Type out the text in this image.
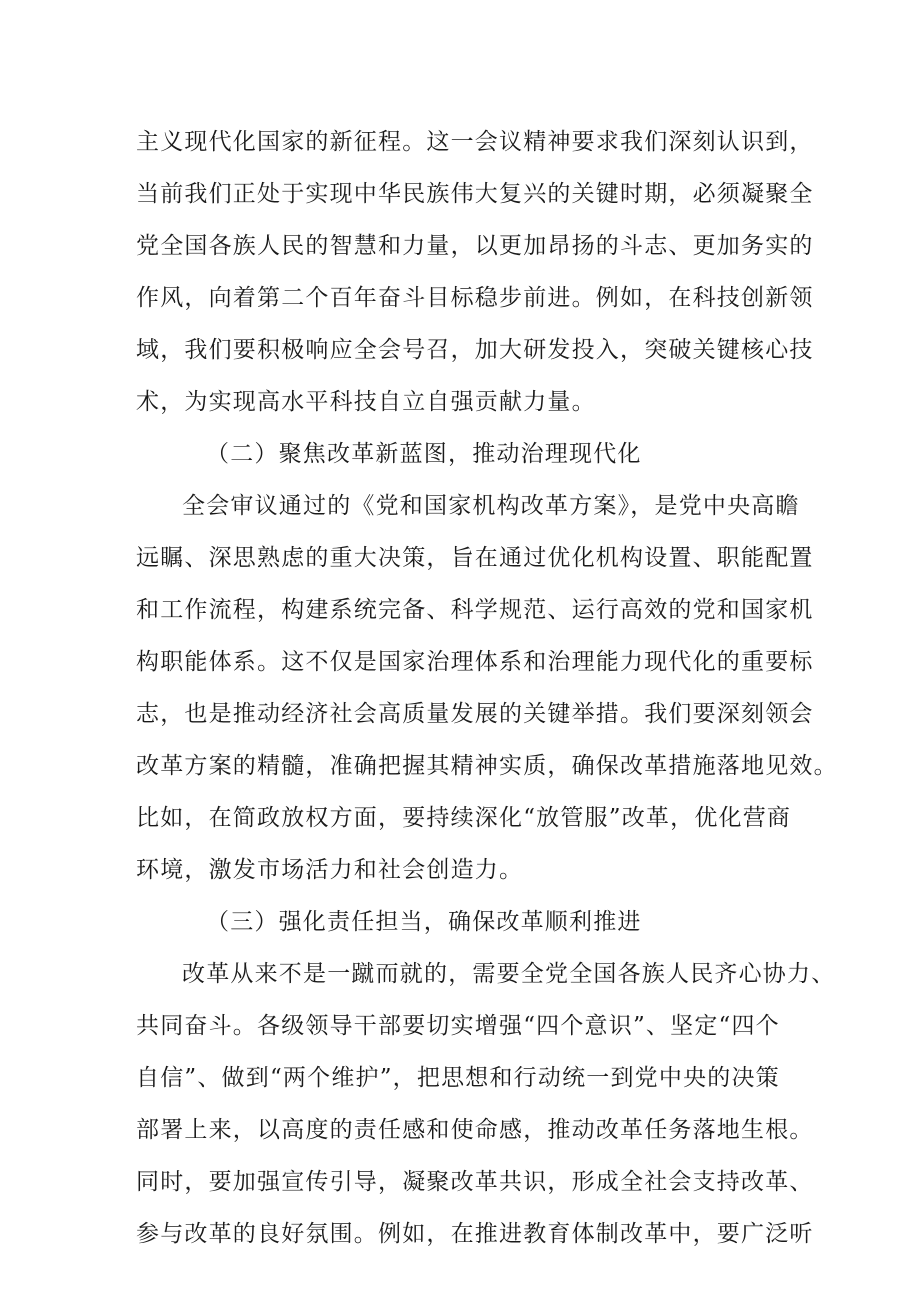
主义现代化国家的新征程。这一会议精神要求我们深刻认识到，
当前我们正处于实现中华民族伟大复兴的关键时期，必须凝聚全
党全国各族人民的智慧和力量，以更加昂扬的斗志、更加务实的
作风，向着第二个百年奋斗目标稳步前进。例如，在科技创新领
域，我们要积极响应全会号召，加大研发投入，突破关键核心技
术，为实现高水平科技自立自强贡献力量。
（二）聚焦改革新蓝图，推动治理现代化
全会审议通过的《党和国家机构改革方案》，是党中央高瞻
远瞩、深思熟虑的重大决策，旨在通过优化机构设置、职能配置
和工作流程，构建系统完备、科学规范、运行高效的党和国家机
构职能体系。这不仅是国家治理体系和治理能力现代化的重要标
志，也是推动经济社会高质量发展的关键举措。我们要深刻领会
改革方案的精髓，准确把握其精神实质，确保改革措施落地见效。
比如，在简政放权方面，要持续深化“放管服”改革，优化营商
环境，激发市场活力和社会创造力。
（三）强化责任担当，确保改革顺利推进
改革从来不是一蹴而就的，需要全党全国各族人民齐心协力、
共同奋斗。各级领导干部要切实增强“四个意识”、坚定“四个
自信”、做到“两个维护”，把思想和行动统一到党中央的决策
部署上来，以高度的责任感和使命感，推动改革任务落地生根。
同时，要加强宣传引导，凝聚改革共识，形成全社会支持改革、
参与改革的良好氛围。例如，在推进教育体制改革中，要广泛听
